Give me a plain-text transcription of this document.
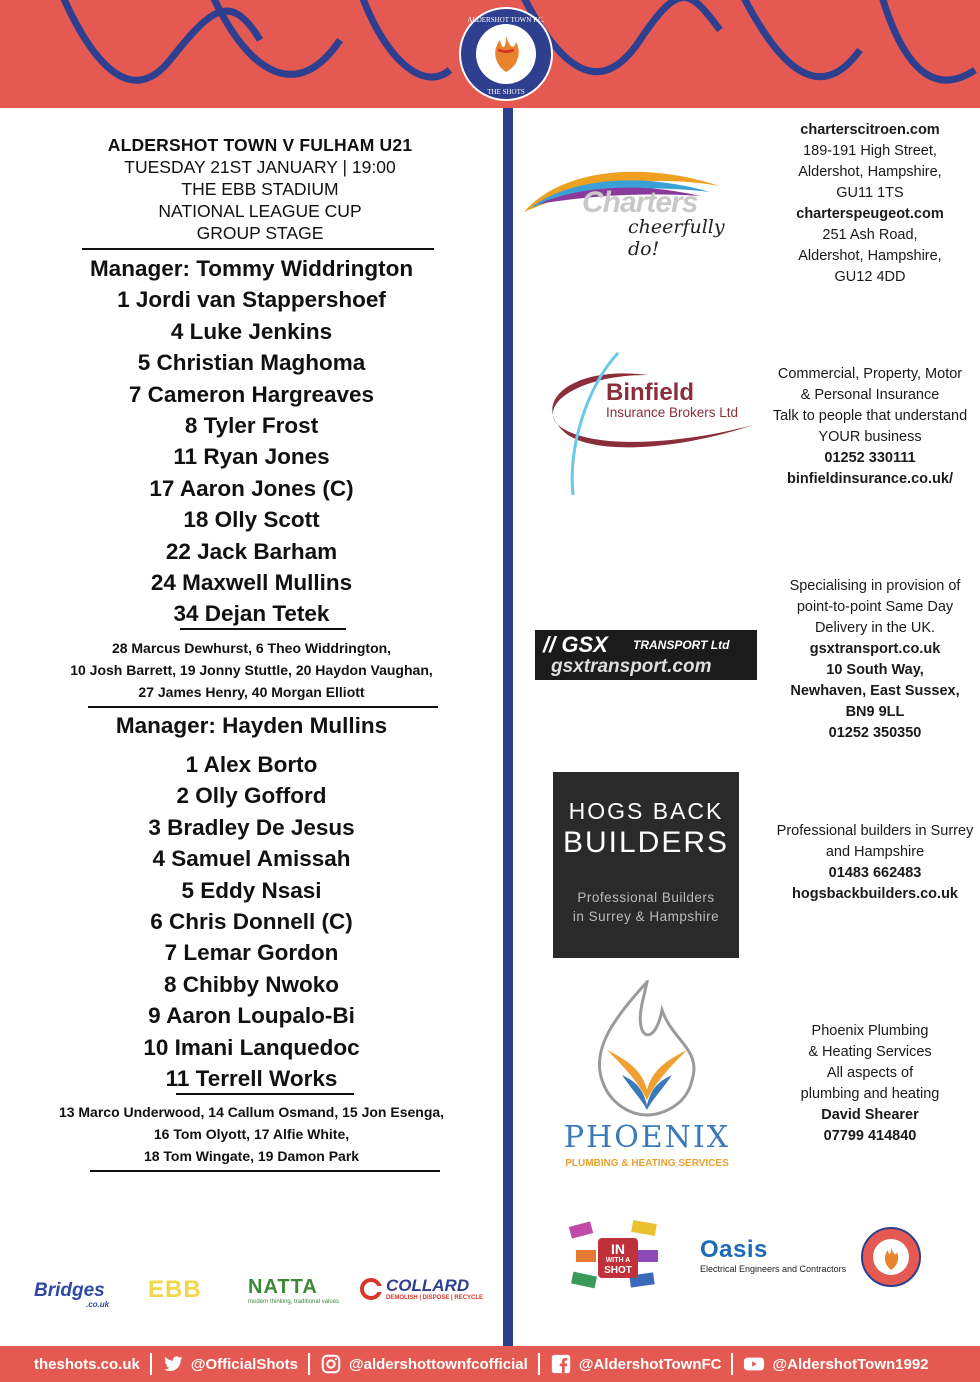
ALDERSHOT TOWN F.C.
THE SHOTS
ALDERSHOT TOWN V FULHAM U21
TUESDAY 21ST JANUARY | 19:00
THE EBB STADIUM
NATIONAL LEAGUE CUP
GROUP STAGE
Manager: Tommy Widdrington
1 Jordi van Stappershoef
4 Luke Jenkins
5 Christian Maghoma
7 Cameron Hargreaves
8 Tyler Frost
11 Ryan Jones
17 Aaron Jones (C)
18 Olly Scott
22 Jack Barham
24 Maxwell Mullins
34 Dejan Tetek
28 Marcus Dewhurst, 6 Theo Widdrington,
10 Josh Barrett, 19 Jonny Stuttle, 20 Haydon Vaughan,
27 James Henry, 40 Morgan Elliott
Manager: Hayden Mullins
1 Alex Borto
2 Olly Gofford
3 Bradley De Jesus
4 Samuel Amissah
5 Eddy Nsasi
6 Chris Donnell (C)
7 Lemar Gordon
8 Chibby Nwoko
9 Aaron Loupalo-Bi
10 Imani Lanquedoc
11 Terrell Works
13 Marco Underwood, 14 Callum Osmand, 15 Jon Esenga,
16 Tom Olyott, 17 Alfie White,
18 Tom Wingate, 19 Damon Park
Bridges
.co.uk
EBB NATTA
modern thinking, traditional values
COLLARD
DEMOLISH | DISPOSE | RECYCLE
Charters
cheerfully do!
charterscitroen.com
189-191 High Street,
Aldershot, Hampshire,
GU11 1TS
charterspeugeot.com
251 Ash Road,
Aldershot, Hampshire,
GU12 4DD
Binfield
Insurance Brokers Ltd
Commercial, Property, Motor
& Personal Insurance
Talk to people that understand
YOUR business
01252 330111
binfieldinsurance.co.uk/
// GSX TRANSPORT Ltd
gsxtransport.com
Specialising in provision of
point-to-point Same Day
Delivery in the UK.
gsxtransport.co.uk
10 South Way,
Newhaven, East Sussex,
BN9 9LL
01252 350350
HOGS BACK
BUILDERS
Professional Builders
in Surrey & Hampshire
Professional builders in Surrey
and Hampshire
01483 662483
hogsbackbuilders.co.uk
PHOENIX
PLUMBING & HEATING SERVICES
Phoenix Plumbing
& Heating Services
All aspects of
plumbing and heating
David Shearer
07799 414840
IN
WITH A
SHOT
Oasis
Electrical Engineers and Contractors
theshots.co.uk	@OfficialShots	@aldershottownfcofficial	@AldershotTownFC	@AldershotTown1992
